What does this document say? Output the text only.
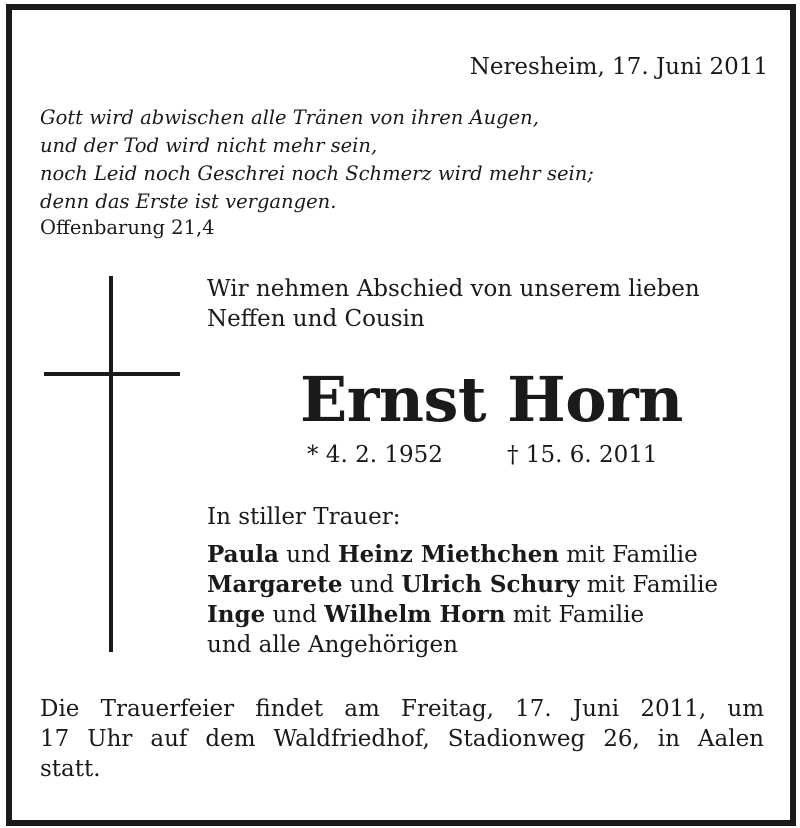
Neresheim, 17. Juni 2011
Gott wird abwischen alle Tränen von ihren Augen,
und der Tod wird nicht mehr sein,
noch Leid noch Geschrei noch Schmerz wird mehr sein;
denn das Erste ist vergangen.
Offenbarung 21,4
Wir nehmen Abschied von unserem lieben
Neffen und Cousin
Ernst Horn
* 4. 2. 1952	† 15. 6. 2011
In stiller Trauer:
Paula und Heinz Miethchen mit Familie
Margarete und Ulrich Schury mit Familie
Inge und Wilhelm Horn mit Familie
und alle Angehörigen
Die Trauerfeier findet am Freitag, 17. Juni 2011, um
17 Uhr auf dem Waldfriedhof, Stadionweg 26, in Aalen
statt.
